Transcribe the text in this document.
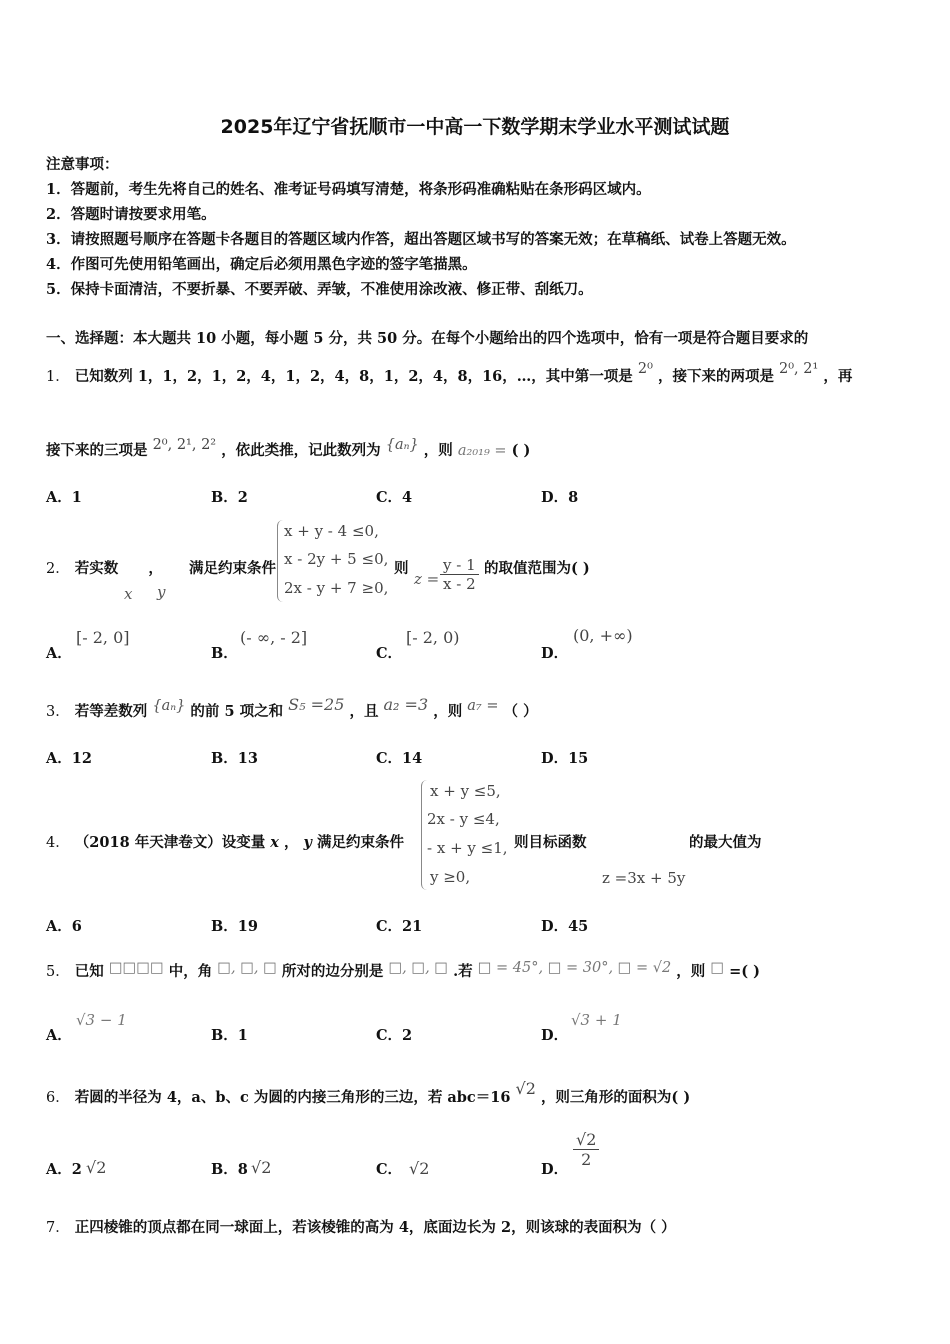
2025年辽宁省抚顺市一中高一下数学期末学业水平测试试题
注意事项：
1．答题前，考生先将自己的姓名、准考证号码填写清楚，将条形码准确粘贴在条形码区域内。
2．答题时请按要求用笔。
3．请按照题号顺序在答题卡各题目的答题区域内作答，超出答题区域书写的答案无效；在草稿纸、试卷上答题无效。
4．作图可先使用铅笔画出，确定后必须用黑色字迹的签字笔描黑。
5．保持卡面清洁，不要折暴、不要弄破、弄皱，不准使用涂改液、修正带、刮纸刀。
一、选择题：本大题共 10 小题，每小题 5 分，共 50 分。在每个小题给出的四个选项中，恰有一项是符合题目要求的
1． 已知数列 1，1，2，1，2，4，1，2，4，8，1，2，4，8，16，…，其中第一项是 2⁰ ，接下来的两项是 2⁰, 2¹ ，再
接下来的三项是 2⁰, 2¹, 2² ，依此类推，记此数列为 {aₙ} ，则 a₂₀₁₉ = ( )
A．1	B．2	C．4	D．8
2． 若实数 ， 满足约束条件
x y
x + y - 4 ≤0,
x - 2y + 5 ≤0,
2x - y + 7 ≥0,
则
$z = \frac{y - 1}{x - 2}$ 的取值范围为( )
A．
[- 2, 0]
B．
(- ∞, - 2]
C．
[- 2, 0)
D．
(0, +∞)
3． 若等差数列 {aₙ} 的前 5 项之和 S₅ =25 ，且 a₂ =3 ，则 a₇ = （ ）
A．12	B．13	C．14	D．15
4． （2018 年天津卷文）设变量 x ， y 满足约束条件
x + y ≤5,
2x - y ≤4,
- x + y ≤1,
y ≥0,
则目标函数	的最大值为
z =3x + 5y
A．6	B．19	C．21	D．45
5． 已知 □□□□ 中，角 □, □, □ 所对的边分别是 □, □, □ .若 □ = 45°, □ = 30°, □ = √2 ，则 □ =( )
A．
√3 − 1
B．1	C．2	D．
√3 + 1
6． 若圆的半径为 4，a、b、c 为圆的内接三角形的三边，若 abc＝16 √2 ，则三角形的面积为( )
A．2 √2	B．8 √2	C． √2	D．
$\frac{√2}{2}$
7． 正四棱锥的顶点都在同一球面上，若该棱锥的高为 4，底面边长为 2，则该球的表面积为（ ）
